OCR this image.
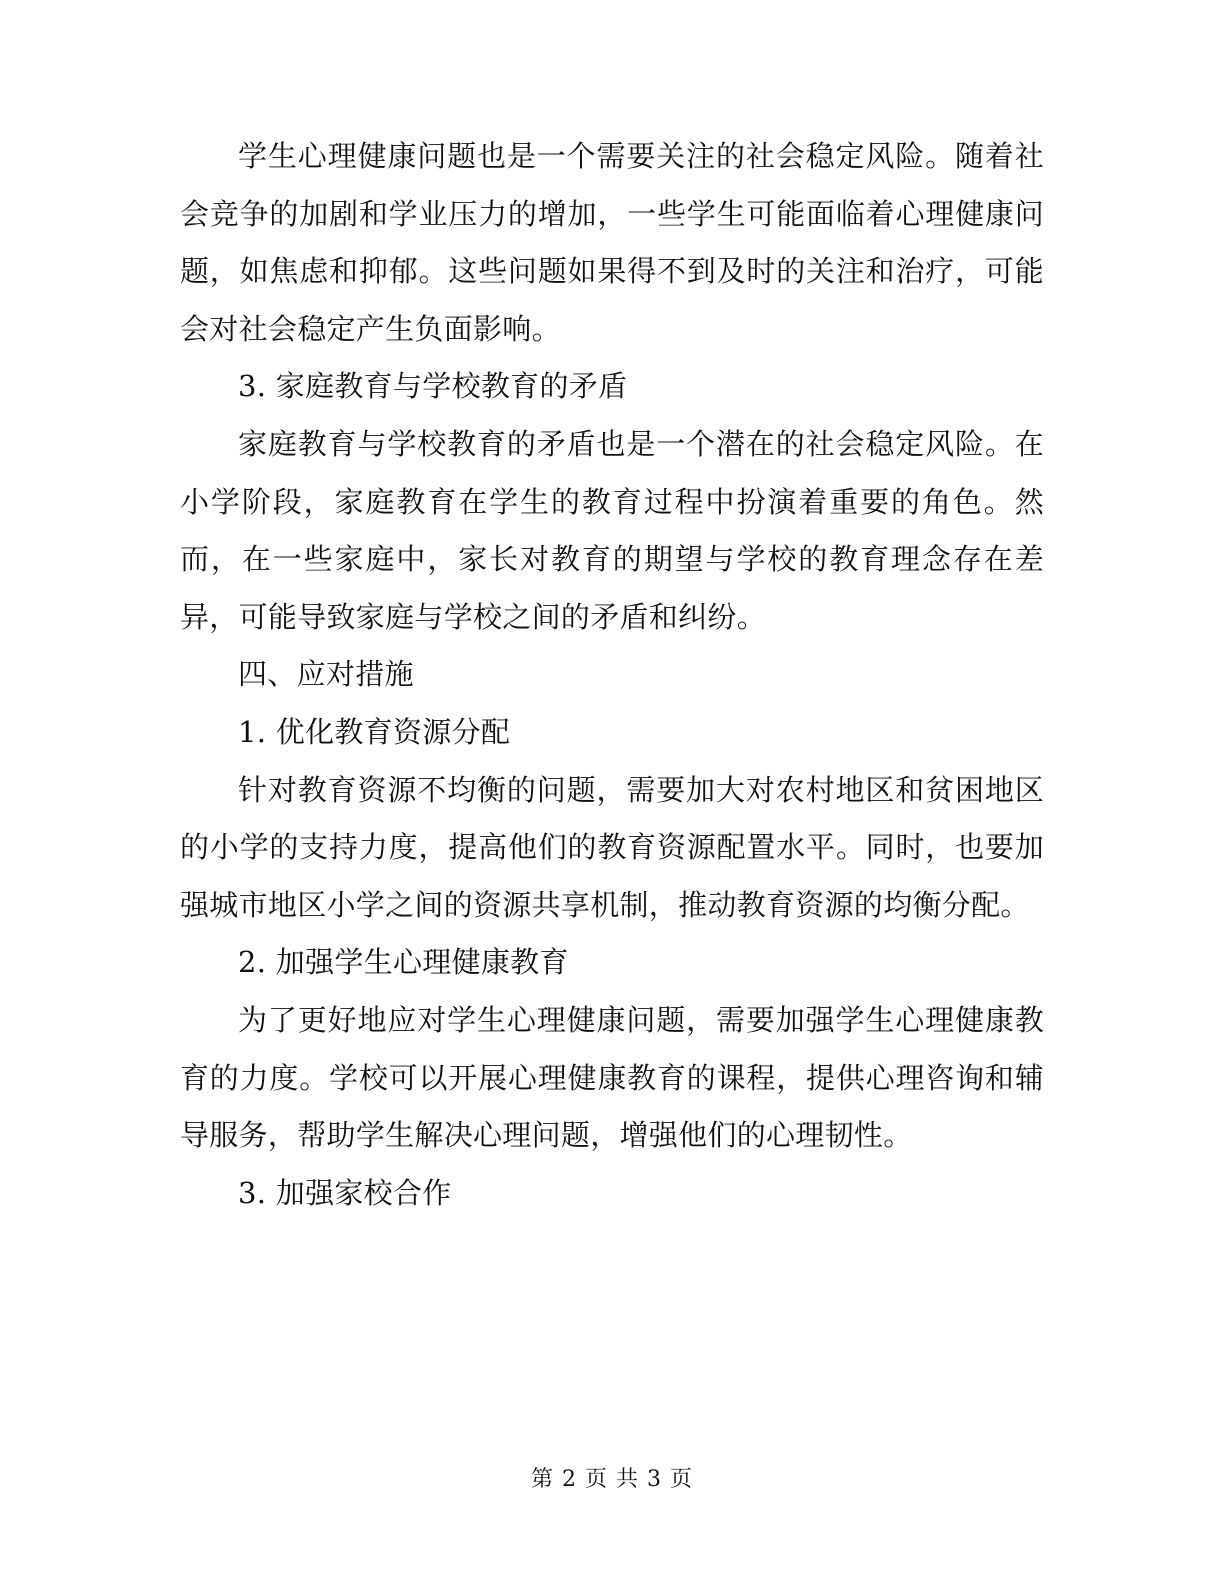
学生心理健康问题也是一个需要关注的社会稳定风险。随着社会竞争的加剧和学业压力的增加，一些学生可能面临着心理健康问题，如焦虑和抑郁。这些问题如果得不到及时的关注和治疗，可能会对社会稳定产生负面影响。

3. 家庭教育与学校教育的矛盾

家庭教育与学校教育的矛盾也是一个潜在的社会稳定风险。在小学阶段，家庭教育在学生的教育过程中扮演着重要的角色。然而，在一些家庭中，家长对教育的期望与学校的教育理念存在差异，可能导致家庭与学校之间的矛盾和纠纷。

四、应对措施

1. 优化教育资源分配

针对教育资源不均衡的问题，需要加大对农村地区和贫困地区的小学的支持力度，提高他们的教育资源配置水平。同时，也要加强城市地区小学之间的资源共享机制，推动教育资源的均衡分配。

2. 加强学生心理健康教育

为了更好地应对学生心理健康问题，需要加强学生心理健康教育的力度。学校可以开展心理健康教育的课程，提供心理咨询和辅导服务，帮助学生解决心理问题，增强他们的心理韧性。

3. 加强家校合作

第 2 页 共 3 页
